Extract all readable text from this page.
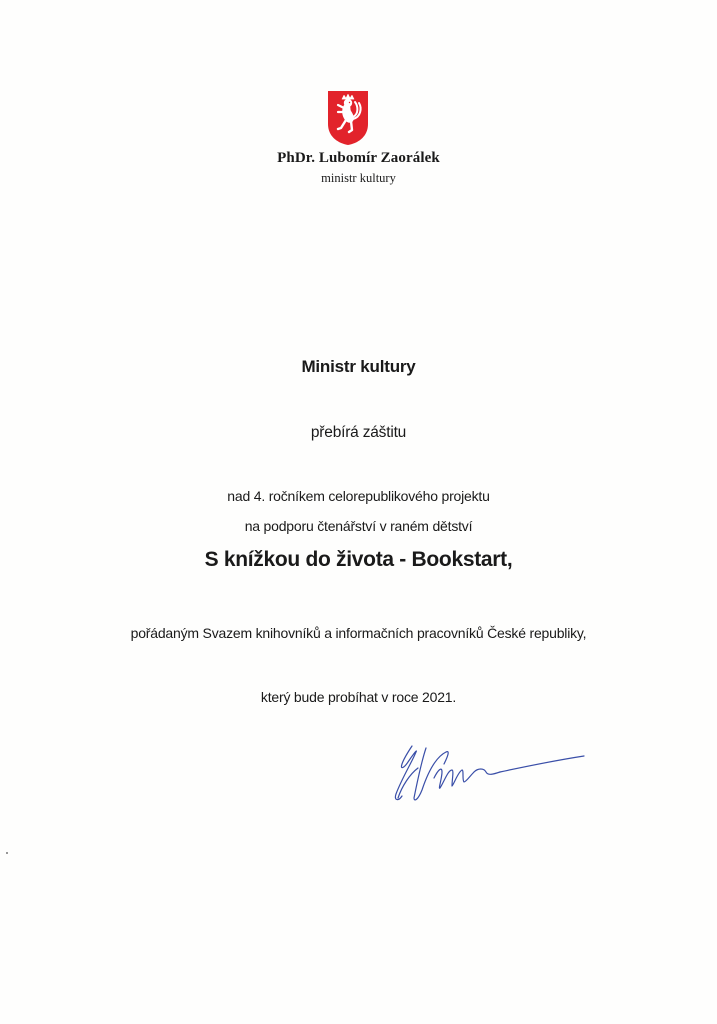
PhDr. Lubomír Zaorálek
ministr kultury
Ministr kultury
přebírá záštitu
nad 4. ročníkem celorepublikového projektu
na podporu čtenářství v raném dětství
S knížkou do života - Bookstart,
pořádaným Svazem knihovníků a informačních pracovníků České republiky,
který bude probíhat v roce 2021.
